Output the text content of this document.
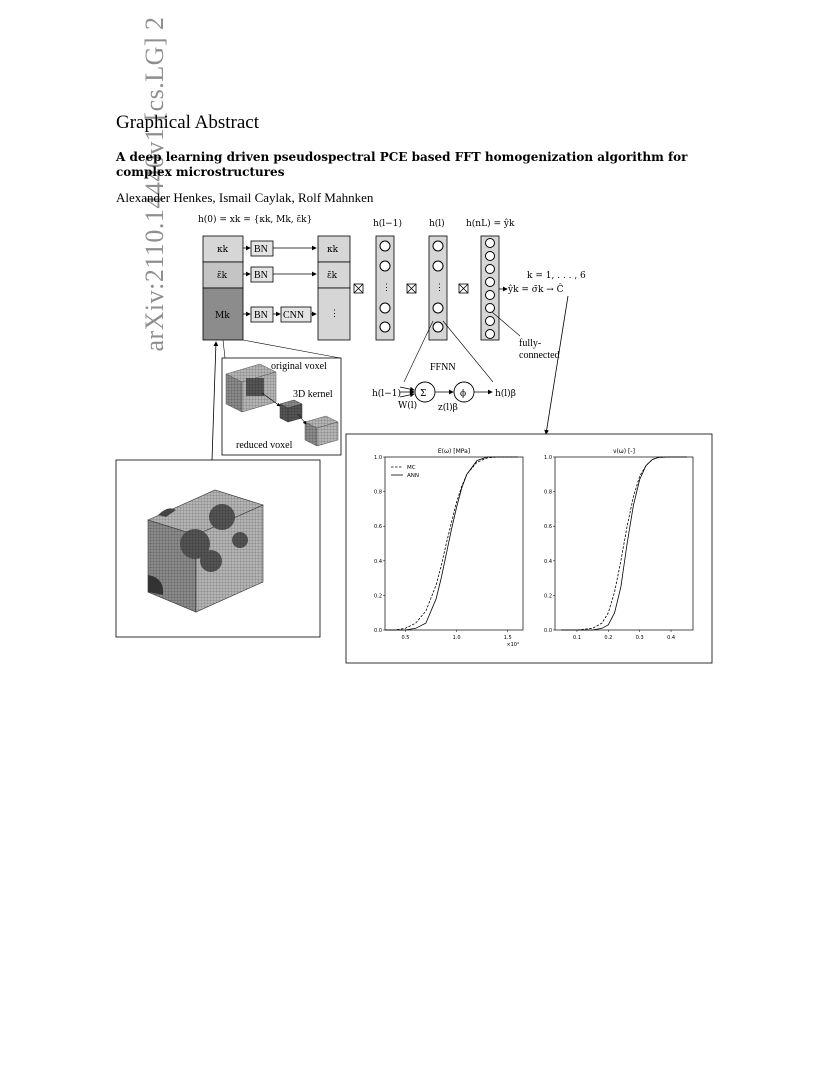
arXiv:2110.14440v1 [cs.LG] 2
Graphical Abstract
A deep learning driven pseudospectral PCE based FFT homogenization algorithm for
complex microstructures
Alexander Henkes, Ismail Caylak, Rolf Mahnken
h(0) = xk = {κk, Mk, ε̄k}
κk
ε̄k
Mk
BN
BN
BN CNN
κk
ε̄k
⋮
h(l−1)	h(l) h(nL) = ŷk
⋮	⋮
k = 1, . . . , 6
ŷk = σ̄k → Ĉ
fully-
connected
FFNN
h(l−1)
W(l)
Σ
z(l)β
ϕ	h(l)β
original voxel
3D kernel
reduced voxel
E(ω) [MPa]
0.0
0.2
0.4
0.6
0.8
1.0
0.5	1.0	1.5
×10⁴
MC
ANN
ν(ω) [-]
0.0
0.2
0.4
0.6
0.8
1.0
0.1	0.2	0.3	0.4
